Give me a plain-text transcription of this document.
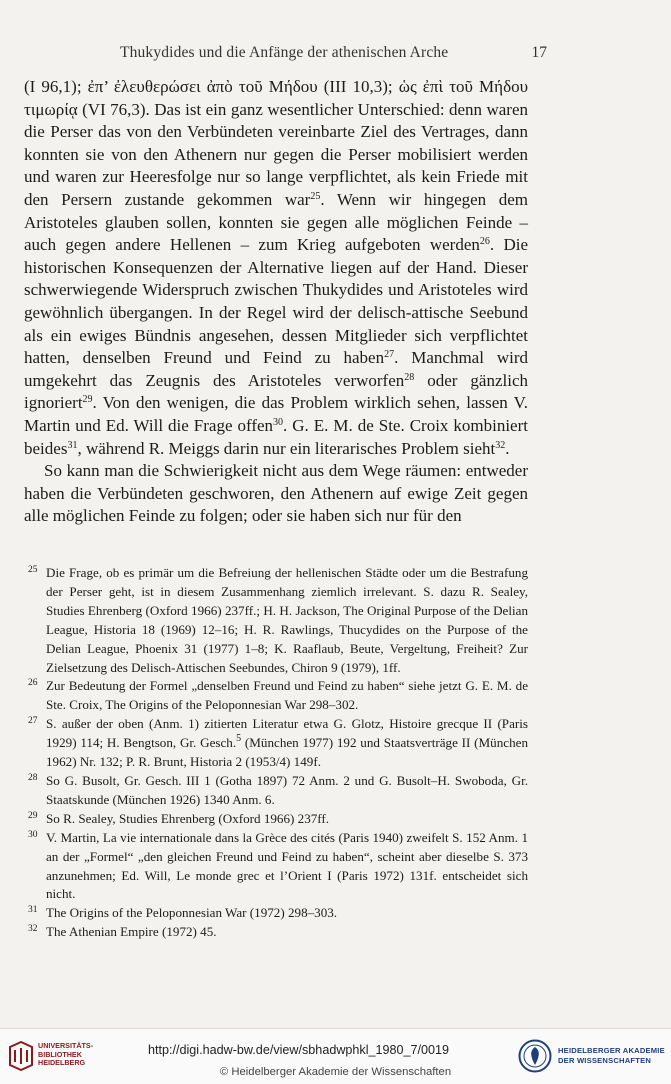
Thukydides und die Anfänge der athenischen Arche	17

(I 96,1); ἐπ’ ἐλευθερώσει ἀπὸ τοῦ Μήδου (III 10,3); ὡς ἐπὶ τοῦ Μήδου τιμωρίᾳ (VI 76,3). Das ist ein ganz wesentlicher Unterschied: denn waren die Perser das von den Verbündeten vereinbarte Ziel des Vertrages, dann konnten sie von den Athenern nur gegen die Perser mobilisiert werden und waren zur Heeresfolge nur so lange verpflichtet, als kein Friede mit den Persern zustande gekommen war$^{25}$. Wenn wir hingegen dem Aristoteles glauben sollen, konnten sie gegen alle möglichen Feinde – auch gegen andere Hellenen – zum Krieg aufgeboten werden$^{26}$. Die historischen Konsequenzen der Alternative liegen auf der Hand. Dieser schwerwiegende Widerspruch zwischen Thukydides und Aristoteles wird gewöhnlich übergangen. In der Regel wird der delisch-attische Seebund als ein ewiges Bündnis angesehen, dessen Mitglieder sich verpflichtet hatten, denselben Freund und Feind zu haben$^{27}$. Manchmal wird umgekehrt das Zeugnis des Aristoteles verworfen$^{28}$ oder gänzlich ignoriert$^{29}$. Von den wenigen, die das Problem wirklich sehen, lassen V. Martin und Ed. Will die Frage offen$^{30}$. G. E. M. de Ste. Croix kombiniert beides$^{31}$, während R. Meiggs darin nur ein literarisches Problem sieht$^{32}$.

So kann man die Schwierigkeit nicht aus dem Wege räumen: entweder haben die Verbündeten geschworen, den Athenern auf ewige Zeit gegen alle möglichen Feinde zu folgen; oder sie haben sich nur für den

25 Die Frage, ob es primär um die Befreiung der hellenischen Städte oder um die Bestrafung der Perser geht, ist in diesem Zusammenhang ziemlich irrelevant. S. dazu R. Sealey, Studies Ehrenberg (Oxford 1966) 237ff.; H. H. Jackson, The Original Purpose of the Delian League, Historia 18 (1969) 12–16; H. R. Rawlings, Thucydides on the Purpose of the Delian League, Phoenix 31 (1977) 1–8; K. Raaflaub, Beute, Vergeltung, Freiheit? Zur Zielsetzung des Delisch-Attischen Seebundes, Chiron 9 (1979), 1ff.
26 Zur Bedeutung der Formel „denselben Freund und Feind zu haben“ siehe jetzt G. E. M. de Ste. Croix, The Origins of the Peloponnesian War 298–302.
27 S. außer der oben (Anm. 1) zitierten Literatur etwa G. Glotz, Histoire grecque II (Paris 1929) 114; H. Bengtson, Gr. Gesch.$^5$ (München 1977) 192 und Staatsverträge II (München 1962) Nr. 132; P. R. Brunt, Historia 2 (1953/4) 149f.
28 So G. Busolt, Gr. Gesch. III 1 (Gotha 1897) 72 Anm. 2 und G. Busolt–H. Swoboda, Gr. Staatskunde (München 1926) 1340 Anm. 6.
29 So R. Sealey, Studies Ehrenberg (Oxford 1966) 237ff.
30 V. Martin, La vie internationale dans la Grèce des cités (Paris 1940) zweifelt S. 152 Anm. 1 an der „Formel“ „den gleichen Freund und Feind zu haben“, scheint aber dieselbe S. 373 anzunehmen; Ed. Will, Le monde grec et l’Orient I (Paris 1972) 131f. entscheidet sich nicht.
31 The Origins of the Peloponnesian War (1972) 298–303.
32 The Athenian Empire (1972) 45.
UNIVERSITÄTS-
BIBLIOTHEK
HEIDELBERG
http://digi.hadw-bw.de/view/sbhadwphkl_1980_7/0019
© Heidelberger Akademie der Wissenschaften
HEIDELBERGER AKADEMIE
DER WISSENSCHAFTEN
